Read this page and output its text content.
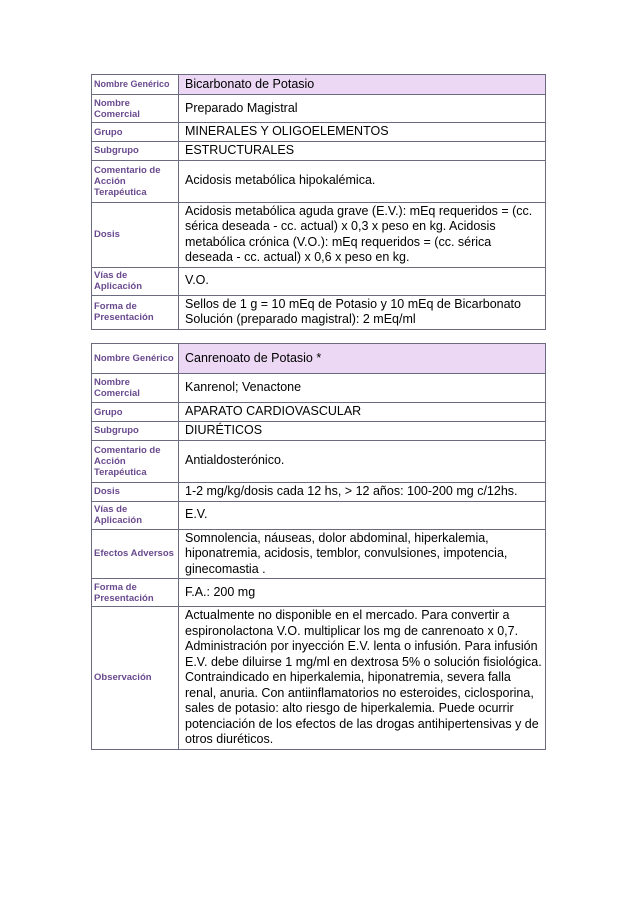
Nombre Genérico	Bicarbonato de Potasio
Nombre Comercial	Preparado Magistral
Grupo	MINERALES Y OLIGOELEMENTOS
Subgrupo	ESTRUCTURALES
Comentario de Acción Terapéutica	Acidosis metabólica hipokalémica.
Dosis	Acidosis metabólica aguda grave (E.V.): mEq requeridos = (cc. sérica deseada - cc. actual) x 0,3 x peso en kg. Acidosis metabólica crónica (V.O.): mEq requeridos = (cc. sérica deseada - cc. actual) x 0,6 x peso en kg.
Vías de Aplicación	V.O.
Forma de Presentación	Sellos de 1 g = 10 mEq de Potasio y 10 mEq de Bicarbonato Solución (preparado magistral): 2 mEq/ml
Nombre Genérico	Canrenoato de Potasio *
Nombre Comercial	Kanrenol; Venactone
Grupo	APARATO CARDIOVASCULAR
Subgrupo	DIURÉTICOS
Comentario de Acción Terapéutica	Antialdosterónico.
Dosis	1-2 mg/kg/dosis cada 12 hs, > 12 años: 100-200 mg c/12hs.
Vías de Aplicación	E.V.
Efectos Adversos	Somnolencia, náuseas, dolor abdominal, hiperkalemia, hiponatremia, acidosis, temblor, convulsiones, impotencia, ginecomastia .
Forma de Presentación	F.A.: 200 mg
Observación	Actualmente no disponible en el mercado. Para convertir a espironolactona V.O. multiplicar los mg de canrenoato x 0,7. Administración por inyección E.V. lenta o infusión. Para infusión E.V. debe diluirse 1 mg/ml en dextrosa 5% o solución fisiológica. Contraindicado en hiperkalemia, hiponatremia, severa falla renal, anuria. Con antiinflamatorios no esteroides, ciclosporina, sales de potasio: alto riesgo de hiperkalemia. Puede ocurrir potenciación de los efectos de las drogas antihipertensivas y de otros diuréticos.
